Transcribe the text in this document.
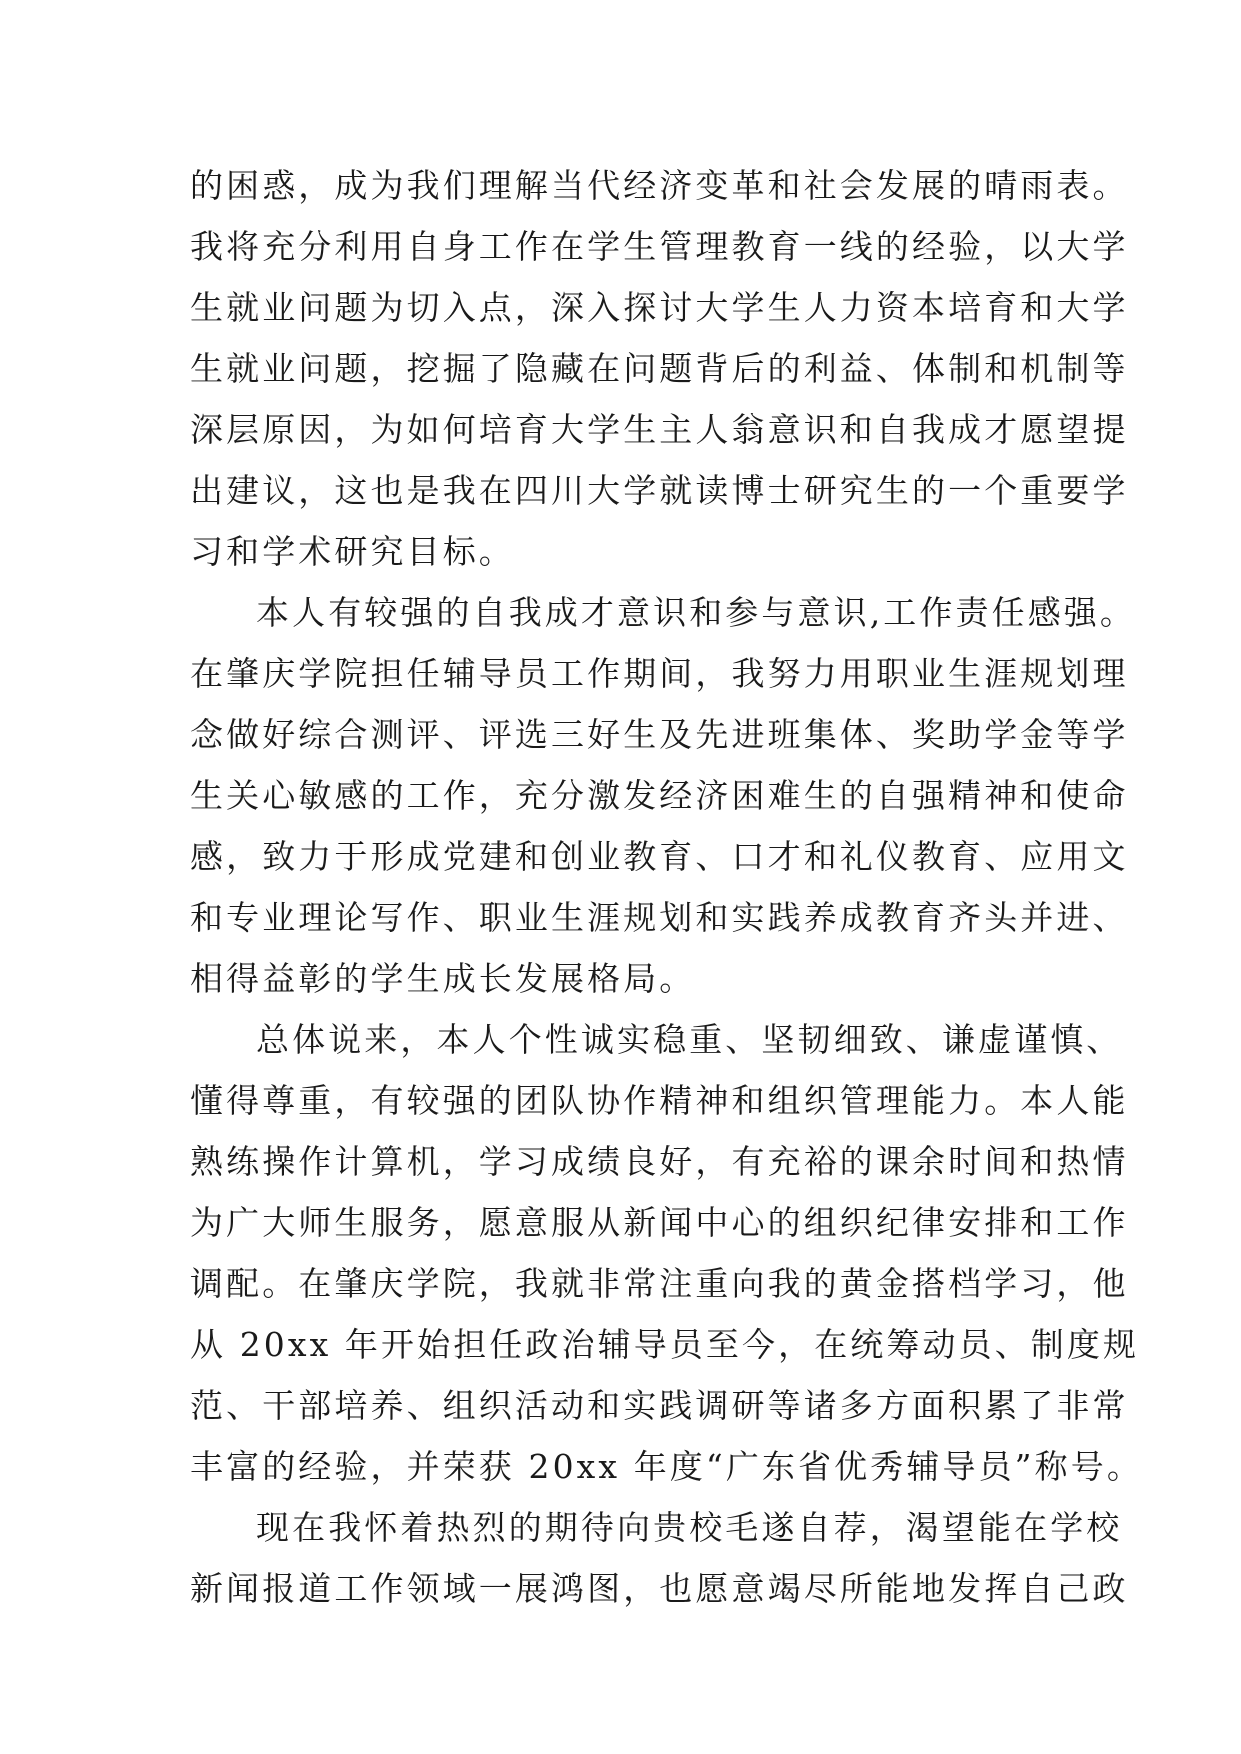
的困惑，成为我们理解当代经济变革和社会发展的晴雨表。
我将充分利用自身工作在学生管理教育一线的经验，以大学
生就业问题为切入点，深入探讨大学生人力资本培育和大学
生就业问题，挖掘了隐藏在问题背后的利益、体制和机制等
深层原因，为如何培育大学生主人翁意识和自我成才愿望提
出建议，这也是我在四川大学就读博士研究生的一个重要学
习和学术研究目标。
本人有较强的自我成才意识和参与意识,工作责任感强。
在肇庆学院担任辅导员工作期间，我努力用职业生涯规划理
念做好综合测评、评选三好生及先进班集体、奖助学金等学
生关心敏感的工作，充分激发经济困难生的自强精神和使命
感，致力于形成党建和创业教育、口才和礼仪教育、应用文
和专业理论写作、职业生涯规划和实践养成教育齐头并进、
相得益彰的学生成长发展格局。
总体说来，本人个性诚实稳重、坚韧细致、谦虚谨慎、
懂得尊重，有较强的团队协作精神和组织管理能力。本人能
熟练操作计算机，学习成绩良好，有充裕的课余时间和热情
为广大师生服务，愿意服从新闻中心的组织纪律安排和工作
调配。在肇庆学院，我就非常注重向我的黄金搭档学习，他
从 20xx 年开始担任政治辅导员至今，在统筹动员、制度规
范、干部培养、组织活动和实践调研等诸多方面积累了非常
丰富的经验，并荣获 20xx 年度“广东省优秀辅导员”称号。
现在我怀着热烈的期待向贵校毛遂自荐，渴望能在学校
新闻报道工作领域一展鸿图，也愿意竭尽所能地发挥自己政
